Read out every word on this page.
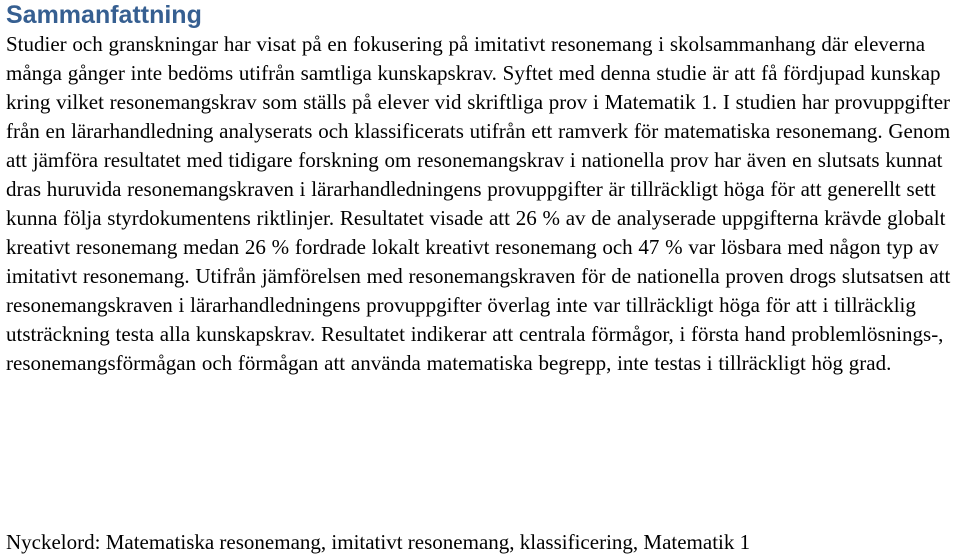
Sammanfattning

Studier och granskningar har visat på en fokusering på imitativt resonemang i skolsammanhang där eleverna många gånger inte bedöms utifrån samtliga kunskapskrav. Syftet med denna studie är att få fördjupad kunskap kring vilket resonemangskrav som ställs på elever vid skriftliga prov i Matematik 1. I studien har provuppgifter från en lärarhandledning analyserats och klassificerats utifrån ett ramverk för matematiska resonemang. Genom att jämföra resultatet med tidigare forskning om resonemangskrav i nationella prov har även en slutsats kunnat dras huruvida resonemangskraven i lärarhandledningens provuppgifter är tillräckligt höga för att generellt sett kunna följa styrdokumentens riktlinjer. Resultatet visade att 26 % av de analyserade uppgifterna krävde globalt kreativt resonemang medan 26 % fordrade lokalt kreativt resonemang och 47 % var lösbara med någon typ av imitativt resonemang. Utifrån jämförelsen med resonemangskraven för de nationella proven drogs slutsatsen att resonemangskraven i lärarhandledningens provuppgifter överlag inte var tillräckligt höga för att i tillräcklig utsträckning testa alla kunskapskrav. Resultatet indikerar att centrala förmågor, i första hand problemlösnings-, resonemangsförmågan och förmågan att använda matematiska begrepp, inte testas i tillräckligt hög grad.

Nyckelord: Matematiska resonemang, imitativt resonemang, klassificering, Matematik 1
